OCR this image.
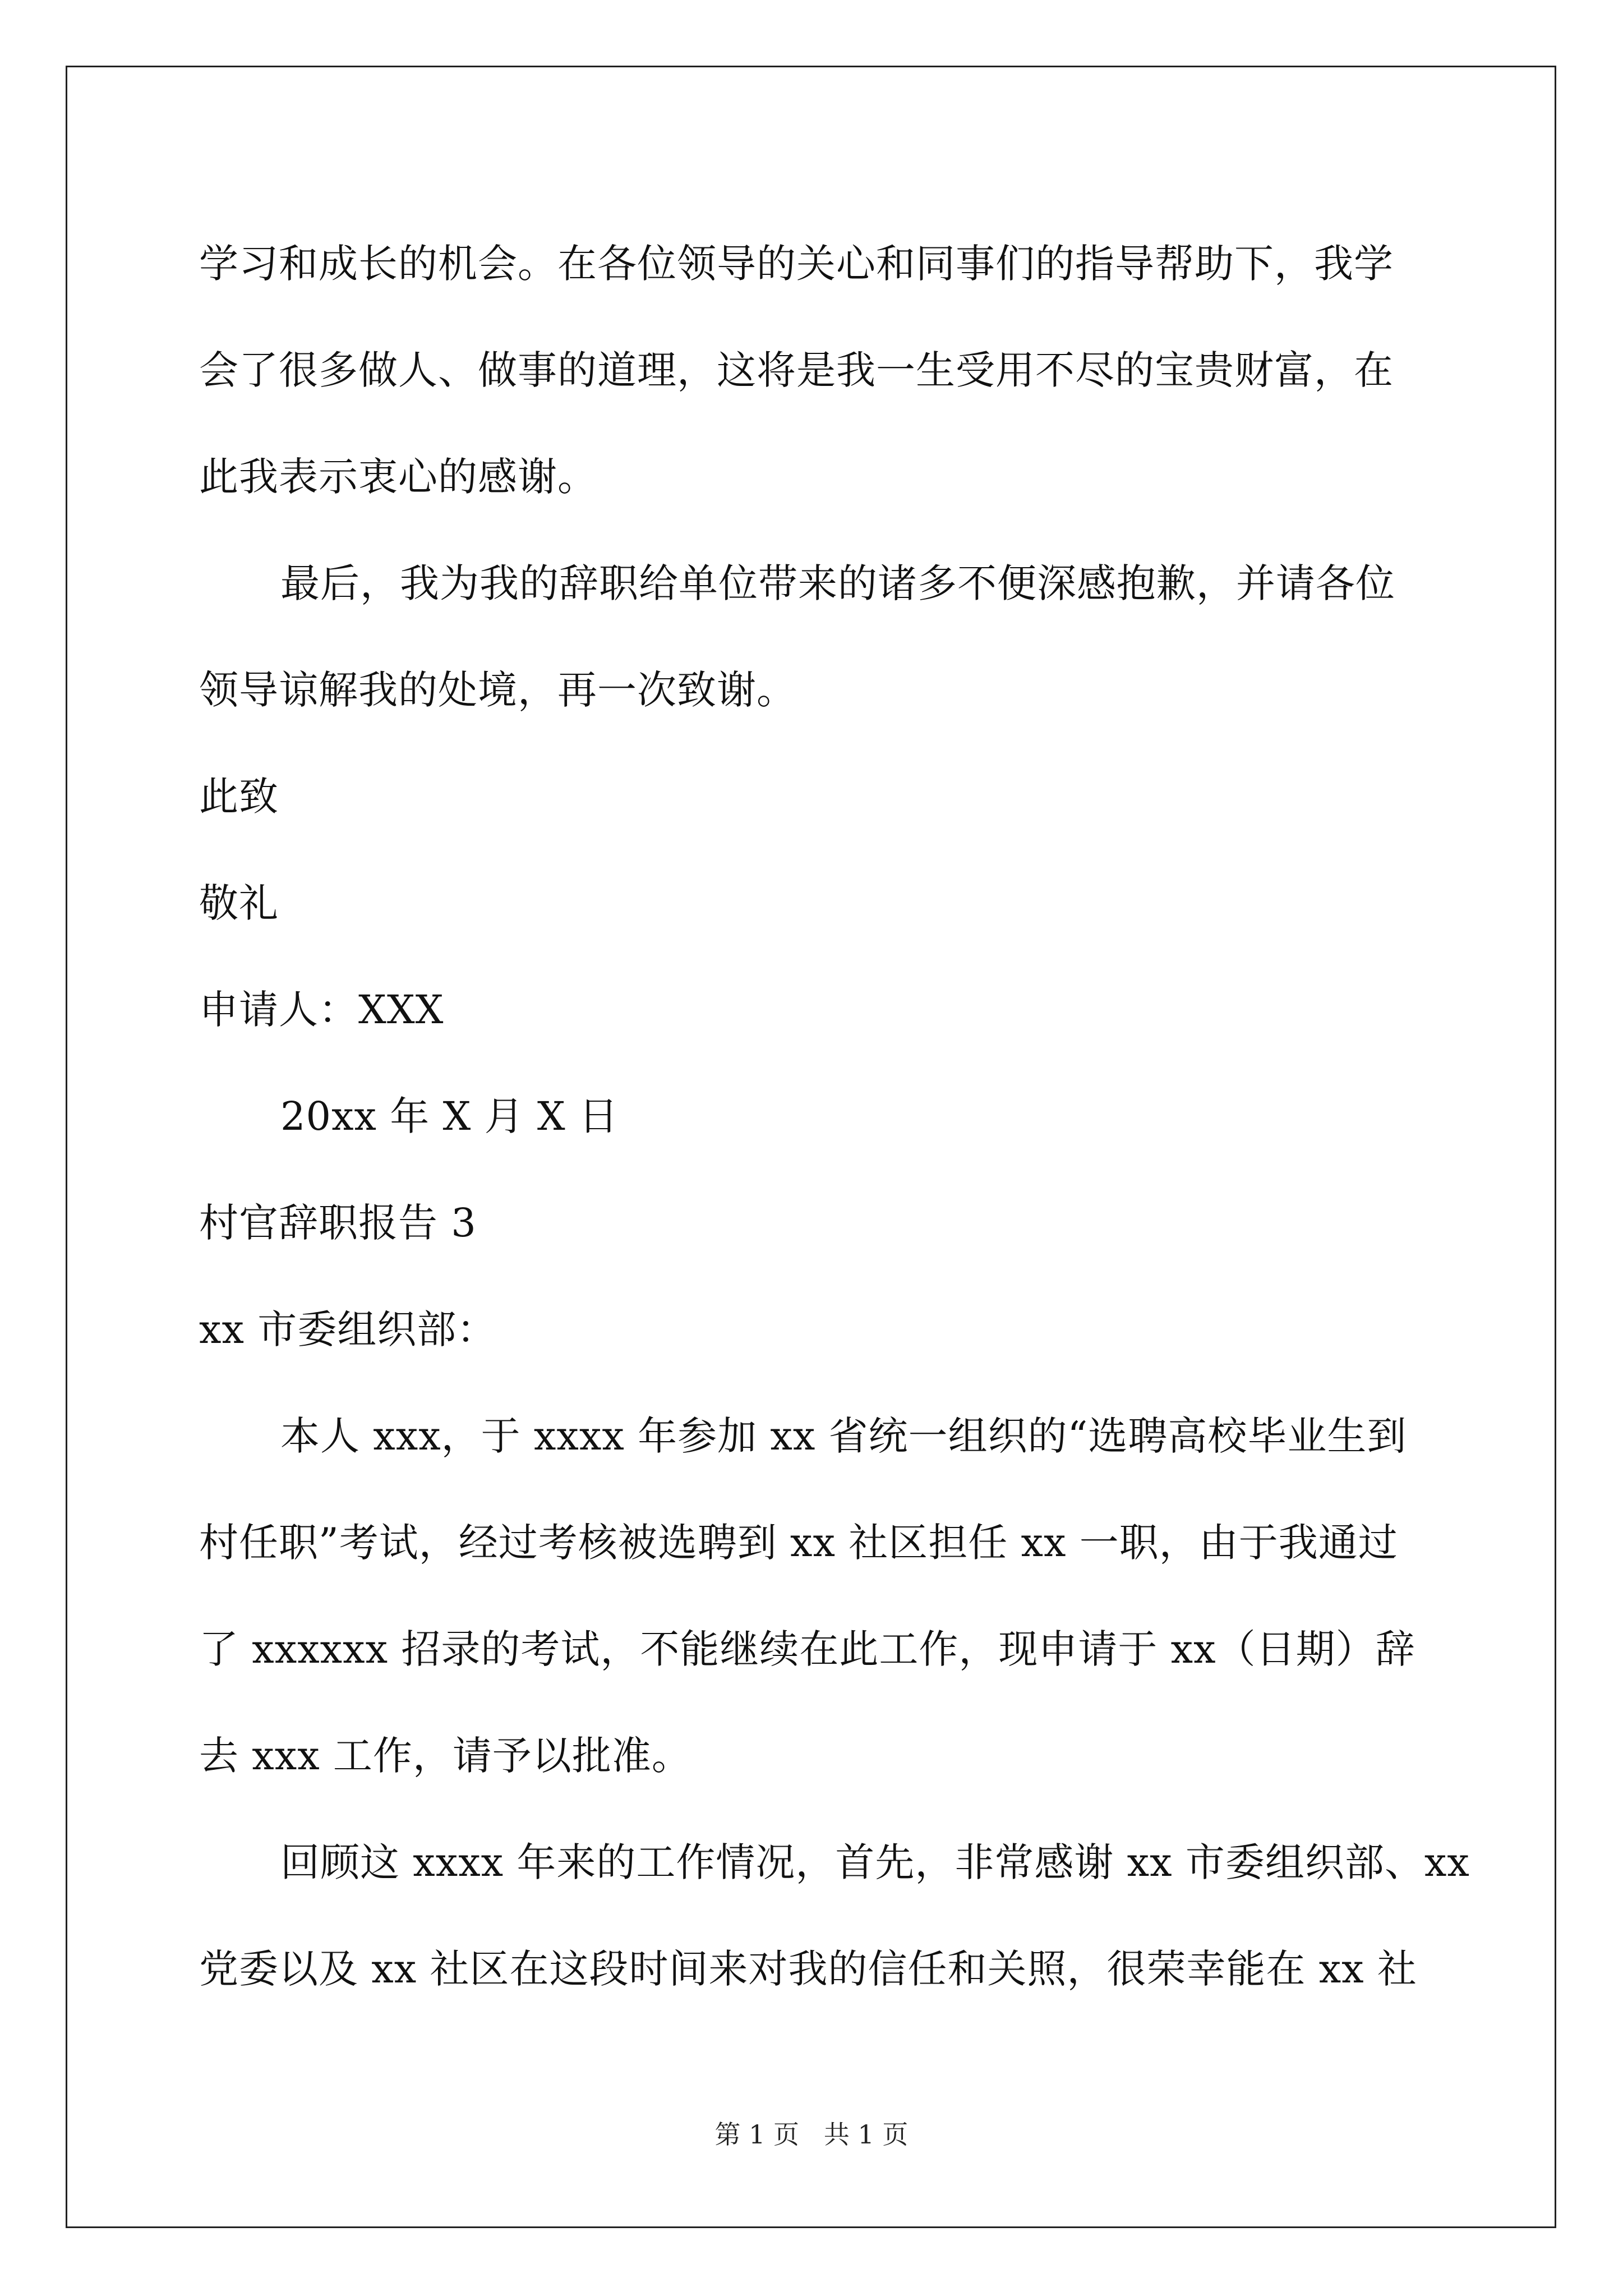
学习和成长的机会。在各位领导的关心和同事们的指导帮助下，我学
会了很多做人、做事的道理，这将是我一生受用不尽的宝贵财富，在
此我表示衷心的感谢。
最后，我为我的辞职给单位带来的诸多不便深感抱歉，并请各位
领导谅解我的处境，再一次致谢。
此致
敬礼
申请人：XXX
20xx 年 X 月 X 日
村官辞职报告 3
xx 市委组织部：
本人 xxx，于 xxxx 年参加 xx 省统一组织的“选聘高校毕业生到
村任职”考试，经过考核被选聘到 xx 社区担任 xx 一职，由于我通过
了 xxxxxx 招录的考试，不能继续在此工作，现申请于 xx（日期）辞
去 xxx 工作，请予以批准。
回顾这 xxxx 年来的工作情况，首先，非常感谢 xx 市委组织部、xx
党委以及 xx 社区在这段时间来对我的信任和关照，很荣幸能在 xx 社
第 1 页   共 1 页
